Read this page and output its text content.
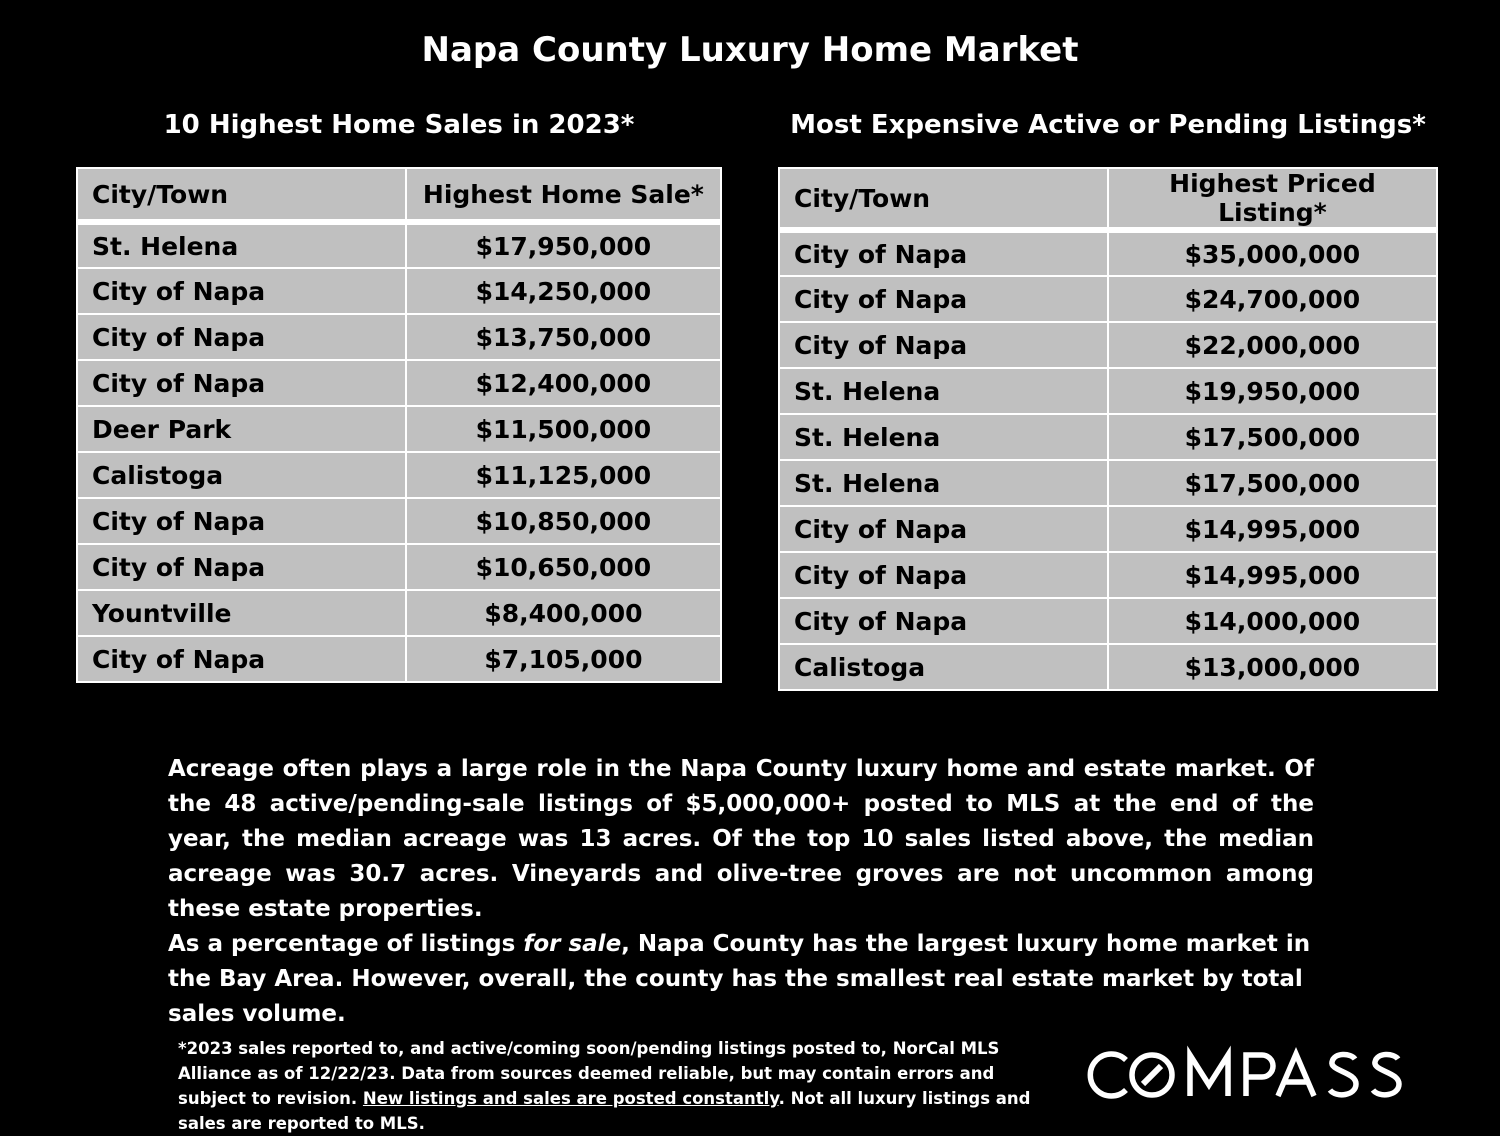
Napa County Luxury Home Market
10 Highest Home Sales in 2023*	Most Expensive Active or Pending Listings*
City/Town	Highest Home Sale*
St. Helena	$17,950,000
City of Napa	$14,250,000
City of Napa	$13,750,000
City of Napa	$12,400,000
Deer Park	$11,500,000
Calistoga	$11,125,000
City of Napa	$10,850,000
City of Napa	$10,650,000
Yountville	$8,400,000
City of Napa	$7,105,000
City/Town	Highest Priced Listing*
City of Napa	$35,000,000
City of Napa	$24,700,000
City of Napa	$22,000,000
St. Helena	$19,950,000
St. Helena	$17,500,000
St. Helena	$17,500,000
City of Napa	$14,995,000
City of Napa	$14,995,000
City of Napa	$14,000,000
Calistoga	$13,000,000
Acreage often plays a large role in the Napa County luxury home and estate market. Of the 48 active/pending-sale listings of $5,000,000+ posted to MLS at the end of the year, the median acreage was 13 acres. Of the top 10 sales listed above, the median acreage was 30.7 acres. Vineyards and olive-tree groves are not uncommon among these estate properties.
As a percentage of listings for sale, Napa County has the largest luxury home market in the Bay Area. However, overall, the county has the smallest real estate market by total sales volume.
*2023 sales reported to, and active/coming soon/pending listings posted to, NorCal MLS Alliance as of 12/22/23. Data from sources deemed reliable, but may contain errors and subject to revision. New listings and sales are posted constantly. Not all luxury listings and sales are reported to MLS.
